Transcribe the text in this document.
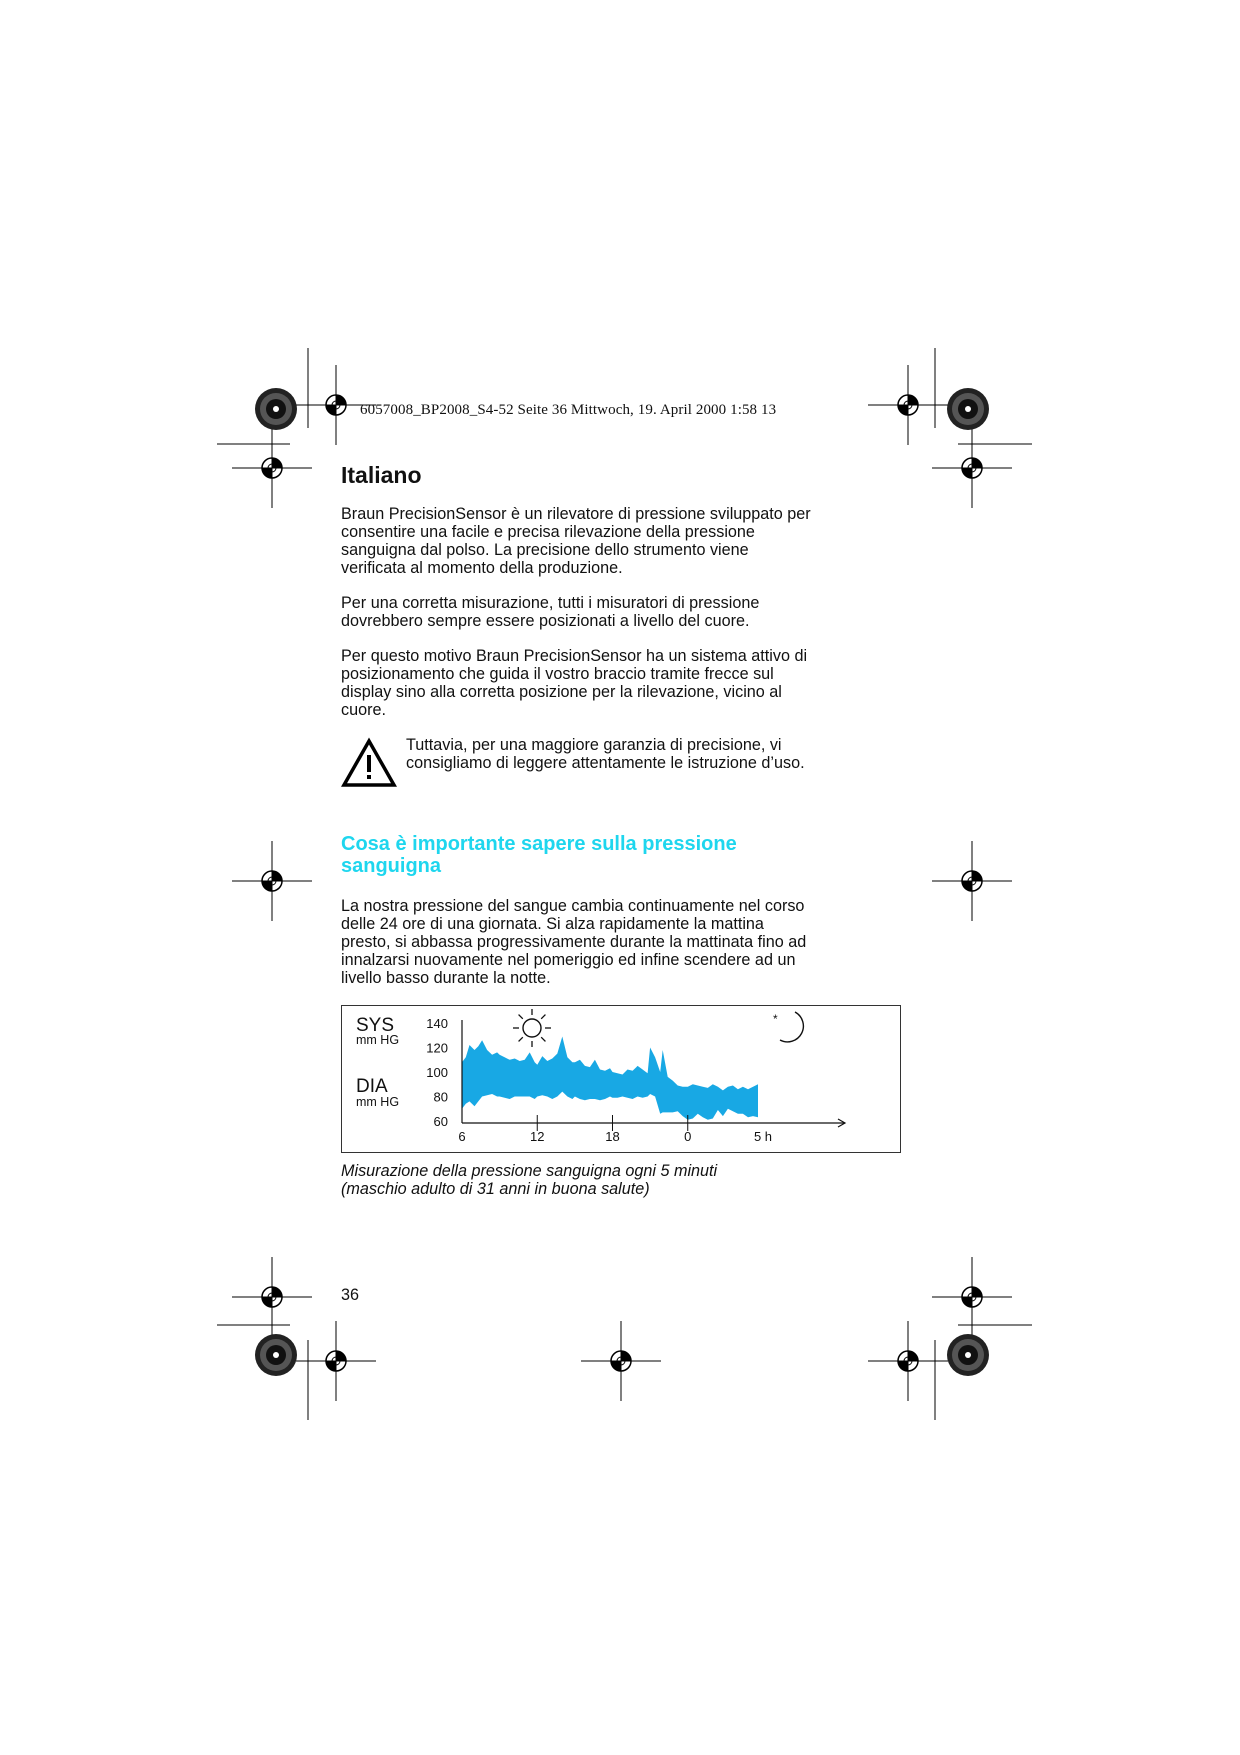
6057008_BP2008_S4-52 Seite 36 Mittwoch, 19. April 2000 1:58 13
Italiano

Braun PrecisionSensor è un rilevatore di pressione sviluppato per consentire una facile e precisa rilevazione della pressione sanguigna dal polso. La precisione dello strumento viene verificata al momento della produzione.

Per una corretta misurazione, tutti i misuratori di pressione dovrebbero sempre essere posizionati a livello del cuore.

Per questo motivo Braun PrecisionSensor ha un sistema attivo di posizionamento che guida il vostro braccio tramite frecce sul display sino alla corretta posizione per la rilevazione, vicino al cuore.

Tuttavia, per una maggiore garanzia di precisione, vi consigliamo di leggere attentamente le istruzione d’uso.

Cosa è importante sapere sulla pressione sanguigna

La nostra pressione del sangue cambia continuamente nel corso delle 24 ore di una giornata. Si alza rapidamente la mattina presto, si abbassa progressivamente durante la mattinata fino ad innalzarsi nuovamente nel pomeriggio ed infine scendere ad un livello basso durante la notte.

140
120
100
80
60
6	12	18	0	5 h
SYS
mm HG
DIA
mm HG
*
Misurazione della pressione sanguigna ogni 5 minuti
(maschio adulto di 31 anni in buona salute)
36
